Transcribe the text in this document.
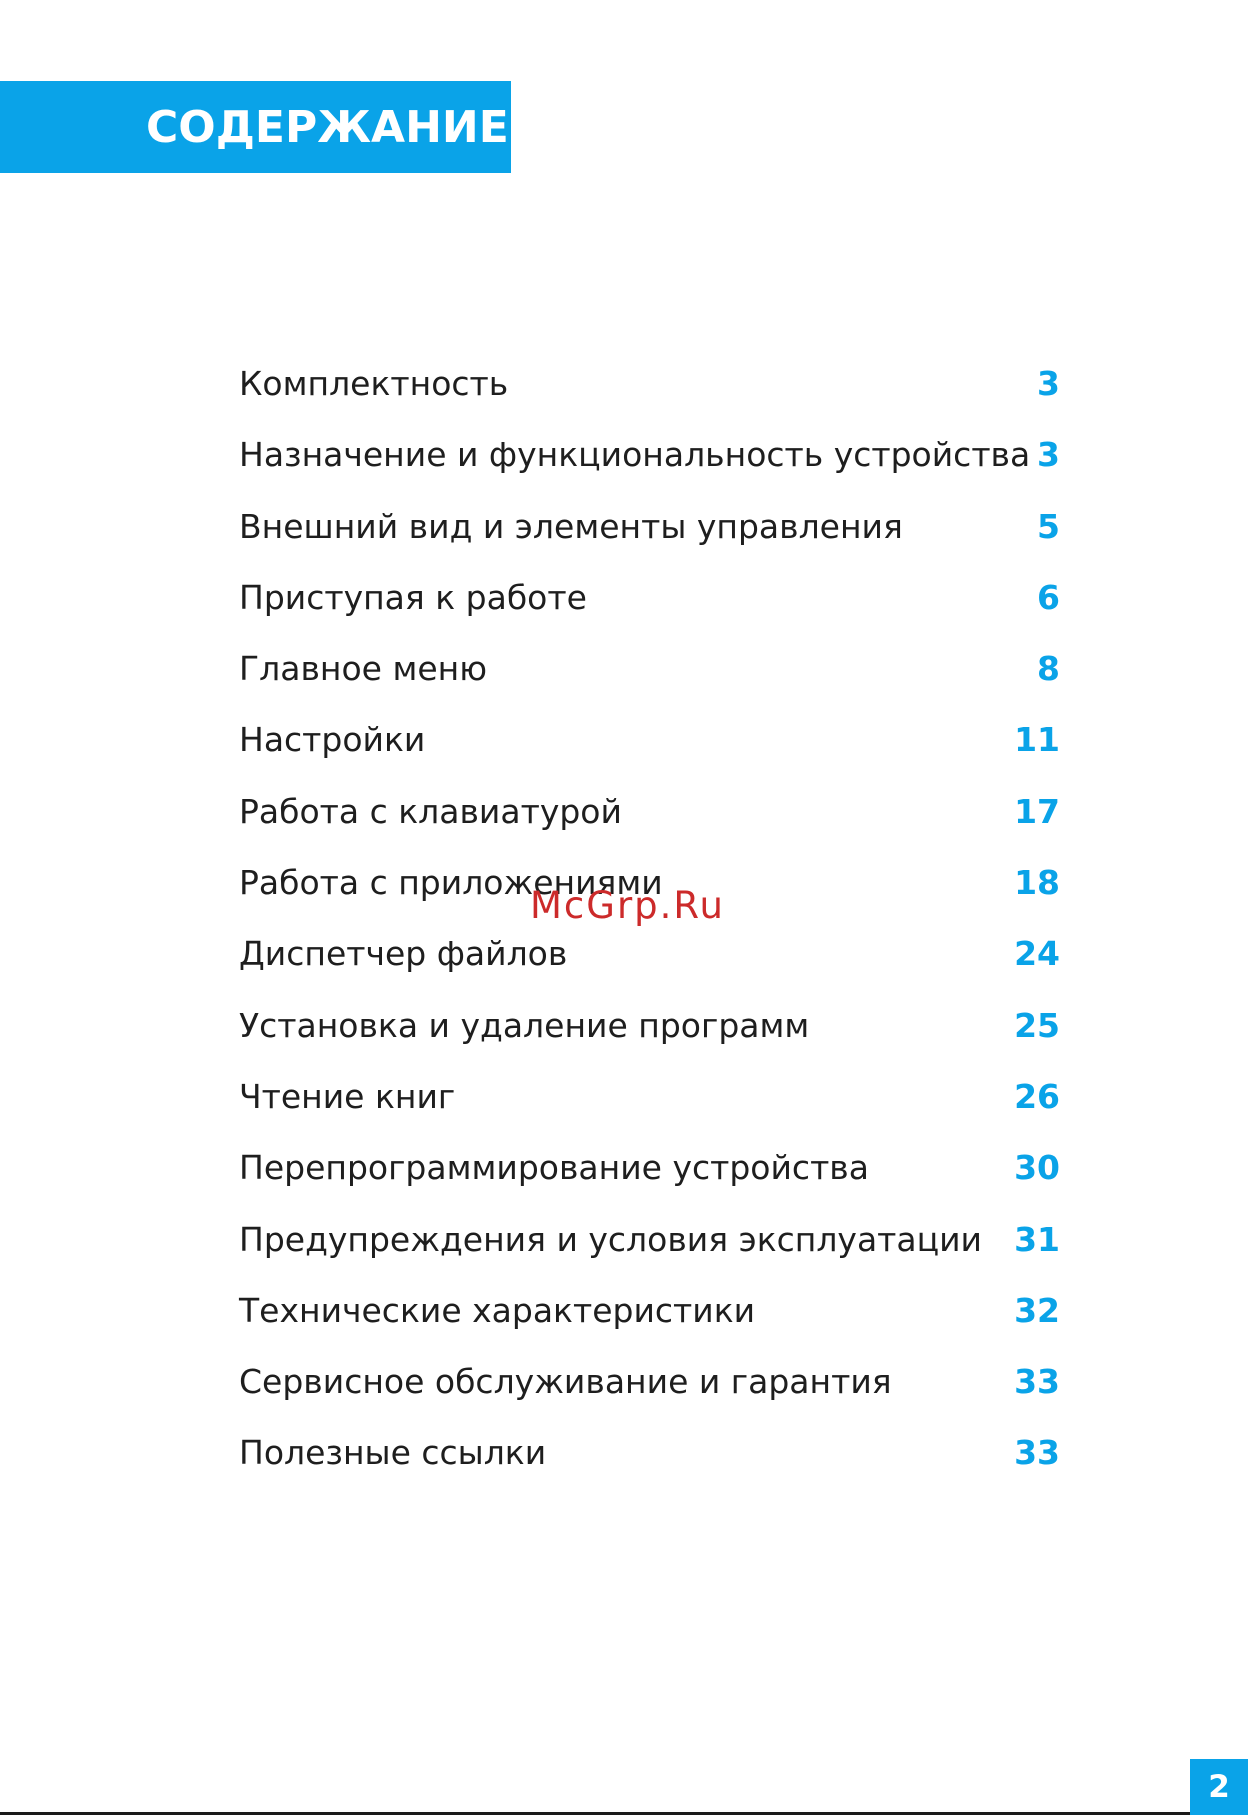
СОДЕРЖАНИЕ
Комплектность	3
Назначение и функциональность устройства 3
Внешний вид и элементы управления	5
Приступая к работе	6
Главное меню	8
Настройки	11
Работа с клавиатурой	17
Работа с приложениями	18
Диспетчер файлов	24
Установка и удаление программ	25
Чтение книг	26
Перепрограммирование устройства	30
Предупреждения и условия эксплуатации 31
Технические характеристики	32
Сервисное обслуживание и гарантия	33
Полезные ссылки	33
McGrp.Ru
2
